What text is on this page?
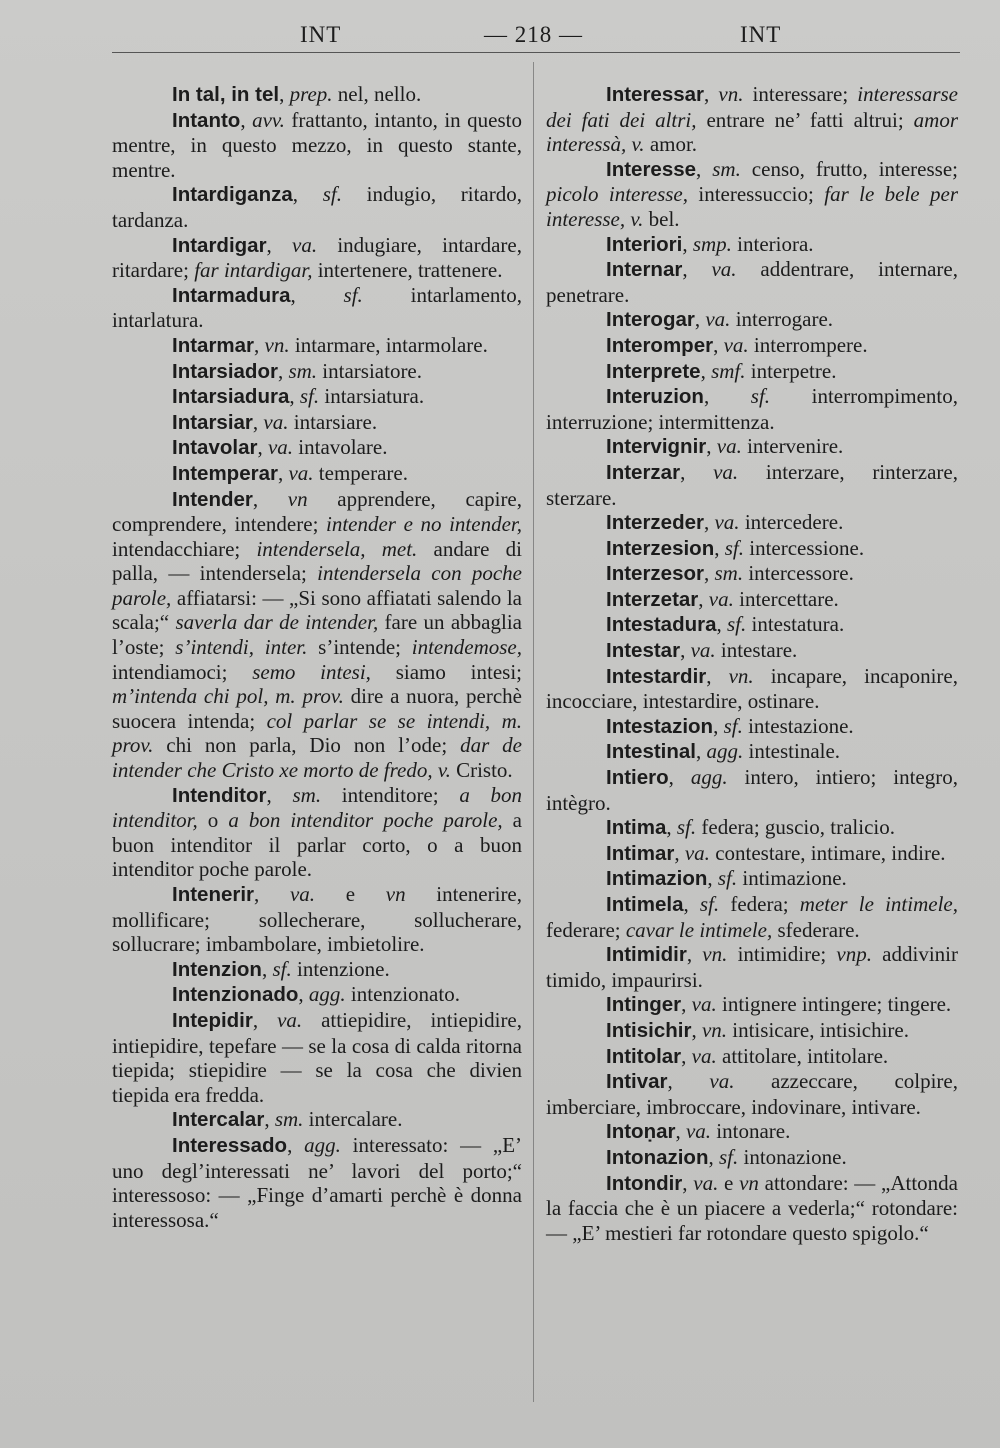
INT	— 218 —	INT

In tal, in tel, prep. nel, nello.

Intanto, avv. frattanto, intanto, in questo mentre, in questo mezzo, in questo stante, mentre.

Intardiganza, sf. indugio, ritardo, tardanza.

Intardigar, va. indugiare, intardare, ritardare; far intardigar, intertenere, trattenere.

Intarmadura, sf. intarlamento, intarlatura.

Intarmar, vn. intarmare, intarmolare.

Intarsiador, sm. intarsiatore.

Intarsiadura, sf. intarsiatura.

Intarsiar, va. intarsiare.

Intavolar, va. intavolare.

Intemperar, va. temperare.

Intender, vn apprendere, capire, comprendere, intendere; intender e no intender, intendacchiare; intendersela, met. andare di palla, — intendersela; intendersela con poche parole, affiatarsi: — „Si sono affiatati salendo la scala;“ saverla dar de intender, fare un abbaglia l’oste; s’intendi, inter. s’intende; intendemose, intendiamoci; semo intesi, siamo intesi; m’intenda chi pol, m. prov. dire a nuora, perchè suocera intenda; col parlar se se intendi, m. prov. chi non parla, Dio non l’ode; dar de intender che Cristo xe morto de fredo, v. Cristo.

Intenditor, sm. intenditore; a bon intenditor, o a bon intenditor poche parole, a buon intenditor il parlar corto, o a buon intenditor poche parole.

Intenerir, va. e vn intenerire, mollificare; sollecherare, sollucherare, sollucrare; imbambolare, imbietolire.

Intenzion, sf. intenzione.

Intenzionado, agg. intenzionato.

Intepidir, va. attiepidire, intiepidire, intiepidire, tepefare — se la cosa di calda ritorna tiepida; stiepidire — se la cosa che divien tiepida era fredda.

Intercalar, sm. intercalare.

Interessado, agg. interessato: — „E’ uno degl’interessati ne’ lavori del porto;“ interessoso: — „Finge d’amarti perchè è donna interessosa.“

Interessar, vn. interessare; interessarse dei fati dei altri, entrare ne’ fatti altrui; amor interessà, v. amor.

Interesse, sm. censo, frutto, interesse; picolo interesse, interessuccio; far le bele per interesse, v. bel.

Interiori, smp. interiora.

Internar, va. addentrare, internare, penetrare.

Interogar, va. interrogare.

Interomper, va. interrompere.

Interprete, smf. interpetre.

Interuzion, sf. interrompimento, interruzione; intermittenza.

Intervignir, va. intervenire.

Interzar, va. interzare, rinterzare, sterzare.

Interzeder, va. intercedere.

Interzesion, sf. intercessione.

Interzesor, sm. intercessore.

Interzetar, va. intercettare.

Intestadura, sf. intestatura.

Intestar, va. intestare.

Intestardir, vn. incapare, incaponire, incocciare, intestardire, ostinare.

Intestazion, sf. intestazione.

Intestinal, agg. intestinale.

Intiero, agg. intero, intiero; integro, intègro.

Intima, sf. federa; guscio, tralicio.

Intimar, va. contestare, intimare, indire.

Intimazion, sf. intimazione.

Intimela, sf. federa; meter le intimele, federare; cavar le intimele, sfederare.

Intimidir, vn. intimidire; vnp. addivinir timido, impaurirsi.

Intinger, va. intignere intingere; tingere.

Intisichir, vn. intisicare, intisichire.

Intitolar, va. attitolare, intitolare.

Intivar, va. azzeccare, colpire, imberciare, imbroccare, indovinare, intivare.

Intoṇar, va. intonare.

Intonazion, sf. intonazione.

Intondir, va. e vn attondare: — „Attonda la faccia che è un piacere a vederla;“ rotondare: — „E’ mestieri far rotondare questo spigolo.“
